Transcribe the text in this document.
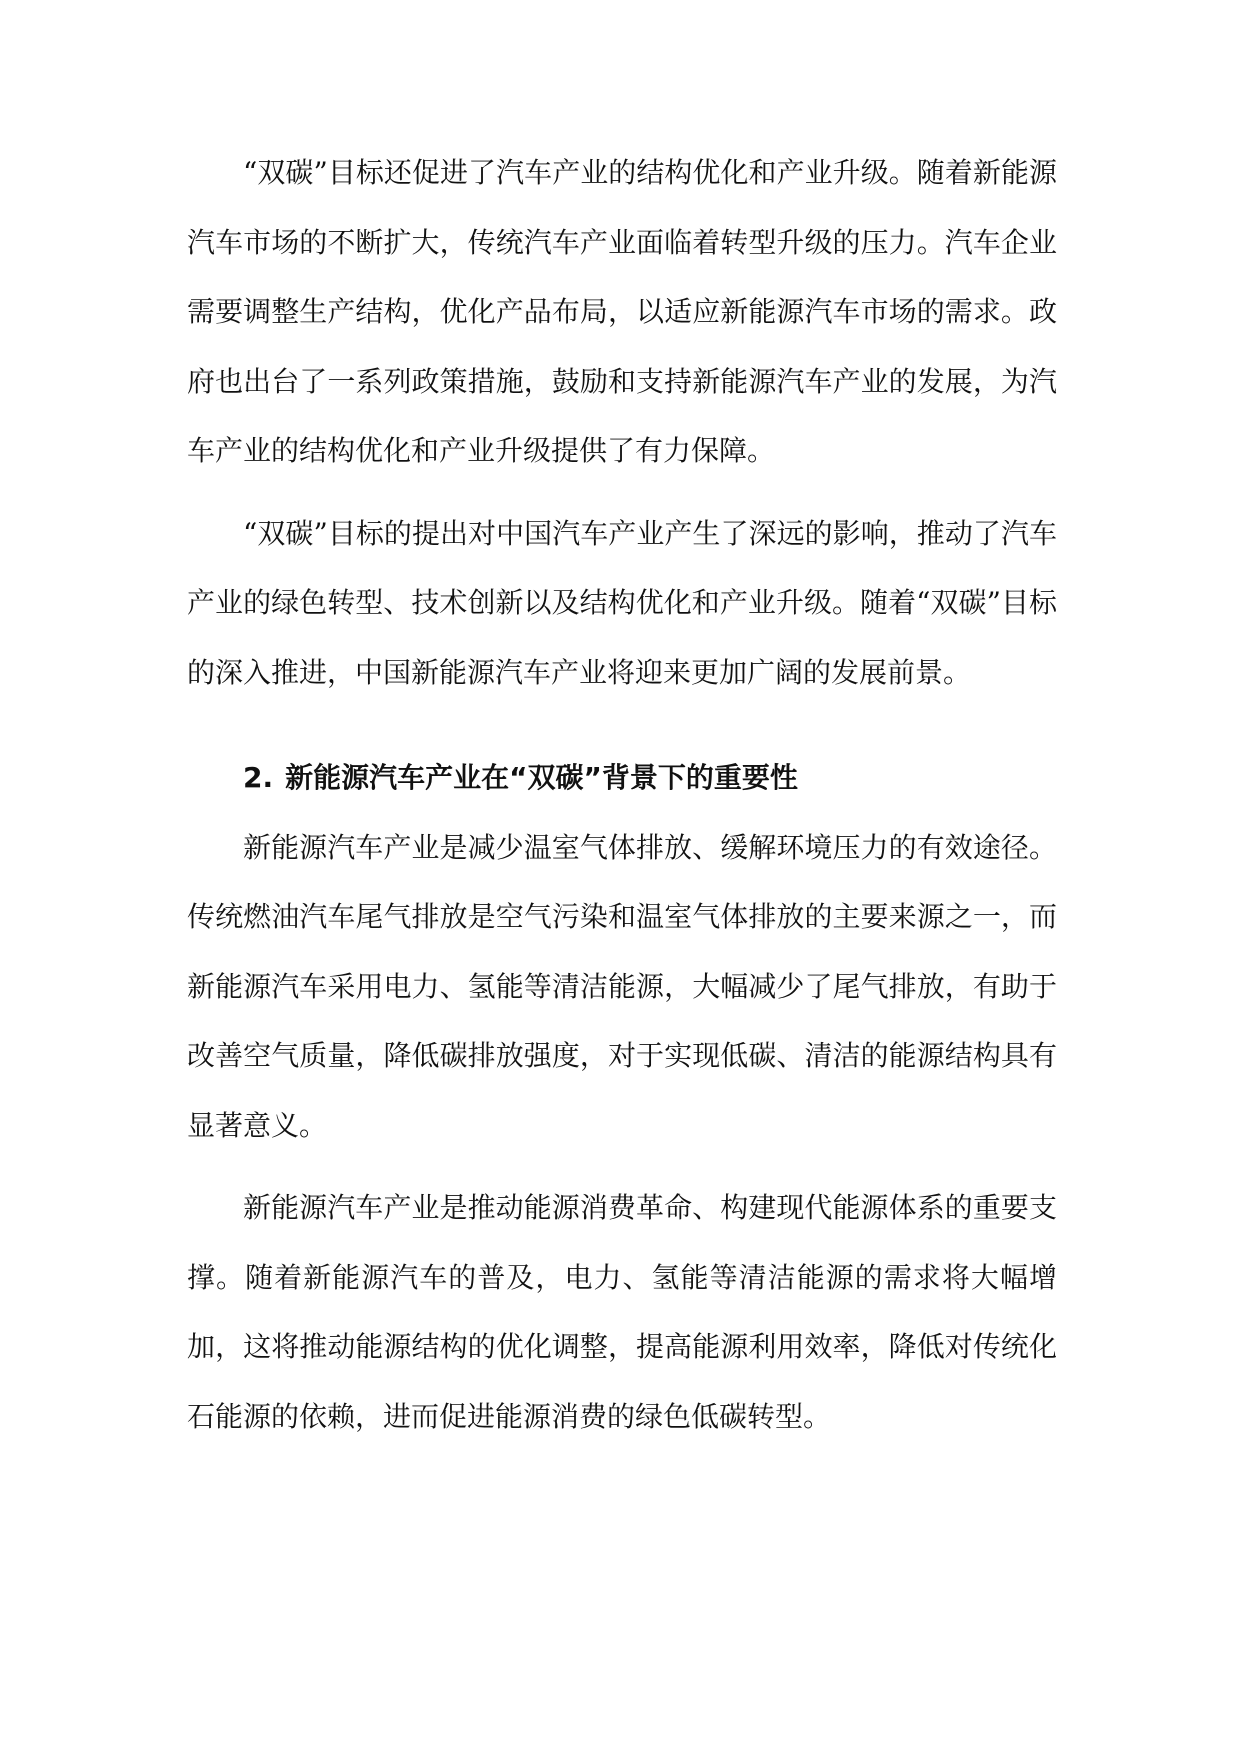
“双碳”目标还促进了汽车产业的结构优化和产业升级。随着新能源汽车市场的不断扩大，传统汽车产业面临着转型升级的压力。汽车企业需要调整生产结构，优化产品布局，以适应新能源汽车市场的需求。政府也出台了一系列政策措施，鼓励和支持新能源汽车产业的发展，为汽车产业的结构优化和产业升级提供了有力保障。

“双碳”目标的提出对中国汽车产业产生了深远的影响，推动了汽车产业的绿色转型、技术创新以及结构优化和产业升级。随着“双碳”目标的深入推进，中国新能源汽车产业将迎来更加广阔的发展前景。

2. 新能源汽车产业在“双碳”背景下的重要性

新能源汽车产业是减少温室气体排放、缓解环境压力的有效途径。传统燃油汽车尾气排放是空气污染和温室气体排放的主要来源之一，而新能源汽车采用电力、氢能等清洁能源，大幅减少了尾气排放，有助于改善空气质量，降低碳排放强度，对于实现低碳、清洁的能源结构具有显著意义。

新能源汽车产业是推动能源消费革命、构建现代能源体系的重要支撑。随着新能源汽车的普及，电力、氢能等清洁能源的需求将大幅增加，这将推动能源结构的优化调整，提高能源利用效率，降低对传统化石能源的依赖，进而促进能源消费的绿色低碳转型。
